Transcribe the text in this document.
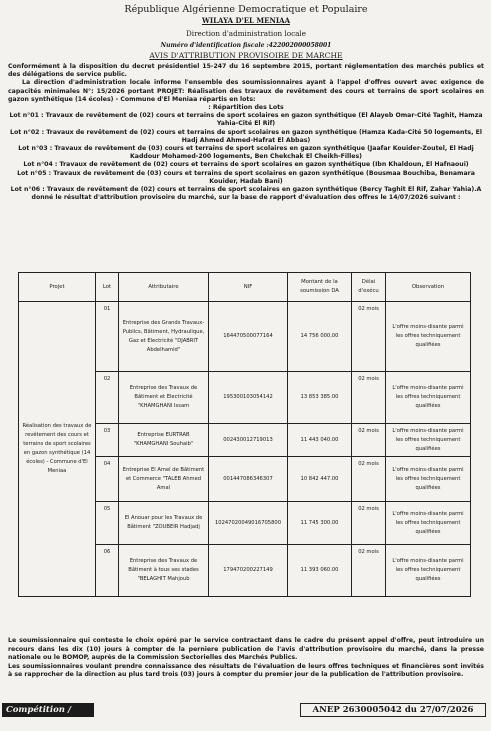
République Algérienne Democratique et Populaire
WILAYA D'EL MENIAA
Direction d'administration locale
Numéro d'identification fiscale :422002000058001
AVIS D'ATTRIBUTION PROVISOIRE DE MARCHE

Conformément à la disposition du decret présidentiel 15-247 du 16 septembre 2015, portant réglementation des marchés publics et des délégations de service public.

La direction d'administration locale informe l'ensemble des soumissionnaires ayant à l'appel d'offres ouvert avec exigence de capacités minimales N°: 15/2026 portant PROJET: Réalisation des travaux de revêtement des cours et terrains de sport scolaires en gazon synthétique (14 écoles) - Commune d'El Meniaa répartis en lots:

: Répartition des Lots

Lot n°01 : Travaux de revêtement de (02) cours et terrains de sport scolaires en gazon synthétique (El Alayeb Omar-Cité Taghit, Hamza Yahia-Cité El Rif)

Lot n°02 : Travaux de revêtement de (02) cours et terrains de sport scolaires en gazon synthétique (Hamza Kada-Cité 50 logements, El Hadj Ahmed Ahmed-Hafrat El Abbas)

Lot n°03 : Travaux de revêtement de (03) cours et terrains de sport scolaires en gazon synthétique (Jaafar Kouider-Zoutel, El Hadj Kaddour Mohamed-200 logements, Ben Chekchak El Cheikh-Filles)

Lot n°04 : Travaux de revêtement de (02) cours et terrains de sport scolaires en gazon synthétique (Ibn Khaldoun, El Hafnaoui)

Lot n°05 : Travaux de revêtement de (03) cours et terrains de sport scolaires en gazon synthétique (Bousmaa Bouchiba, Benamara Kouider, Hadab Bani)

Lot n°06 : Travaux de revêtement de (02) cours et terrains de sport scolaires en gazon synthétique (Bercy Taghit El Rif, Zahar Yahia).A donné le résultat d'attribution provisoire du marché, sur la base de rapport d'évaluation des offres le 14/07/2026 suivant :

Projet	Lot	Attributaire	NIF	Montant de la soumission DA	Délai d'exécu	Observation
Réalisation des travaux de revêtement des cours et terrains de sport scolaires en gazon synthétique (14 écoles) - Commune d'El Meniaa	01	Entreprise des Grands Travaux-Publics, Bâtiment, Hydraulique, Gaz et Electricité "DJABRIT Abdelhamid"	164470500077164	14 756 000,00	02 mois	L'offre moins-disante parmi les offres techniquement qualifiées
	02	Entreprise des Travaux de Bâtiment et Electricité "KHAMGHANI Issam	195300103054142	13 853 385.00	02 mois	L'offre moins-disante parmi les offres techniquement qualifiées
	03	Entreprise EURTRAB "KHAMGHANI Souhaib"	002430012719013	11 443 040.00	02 mois	L'offre moins-disante parmi les offres techniquement qualifiées
	04	Entreprise El Amel de Bâtiment et Commerce "TALEB Ahmed Amal	001447086346307	10 842 447.00	02 mois	L'offre moins-disante parmi les offres techniquement qualifiées
	05	El Anouar pour les Travaux de Bâtiment "ZOUBEIR Hadjadj	10247020049016705800	11 745 300.00	02 mois	L'offre moins-disante parmi les offres techniquement qualifiées
	06	Entreprise des Travaux de Bâtiment à tous ses stades "BELAGHIT Mahjoub	179470200227149	11 393 060.00	02 mois	L'offre moins-disante parmi les offres techniquement qualifiées

Le soumissionnaire qui conteste le choix opéré par le service contractant dans le cadre du présent appel d'offre, peut introduire un recours dans les dix (10) jours à compter de la perniere publication de l'avis d'attribution provisoire du marché, dans la presse nationale ou le BOMOP, auprès de la Commission Sectorielles des Marchés Publics.

Les soumissionnaires voulant prendre connaissance des résultats de l'évaluation de leurs offres techniques et financières sont invités à se rapprocher de la direction au plus tard trois (03) jours à compter du premier jour de la publication de l'attribution provisoire.

Compétition / PUB
ANEP 2630005042 du 27/07/2026
